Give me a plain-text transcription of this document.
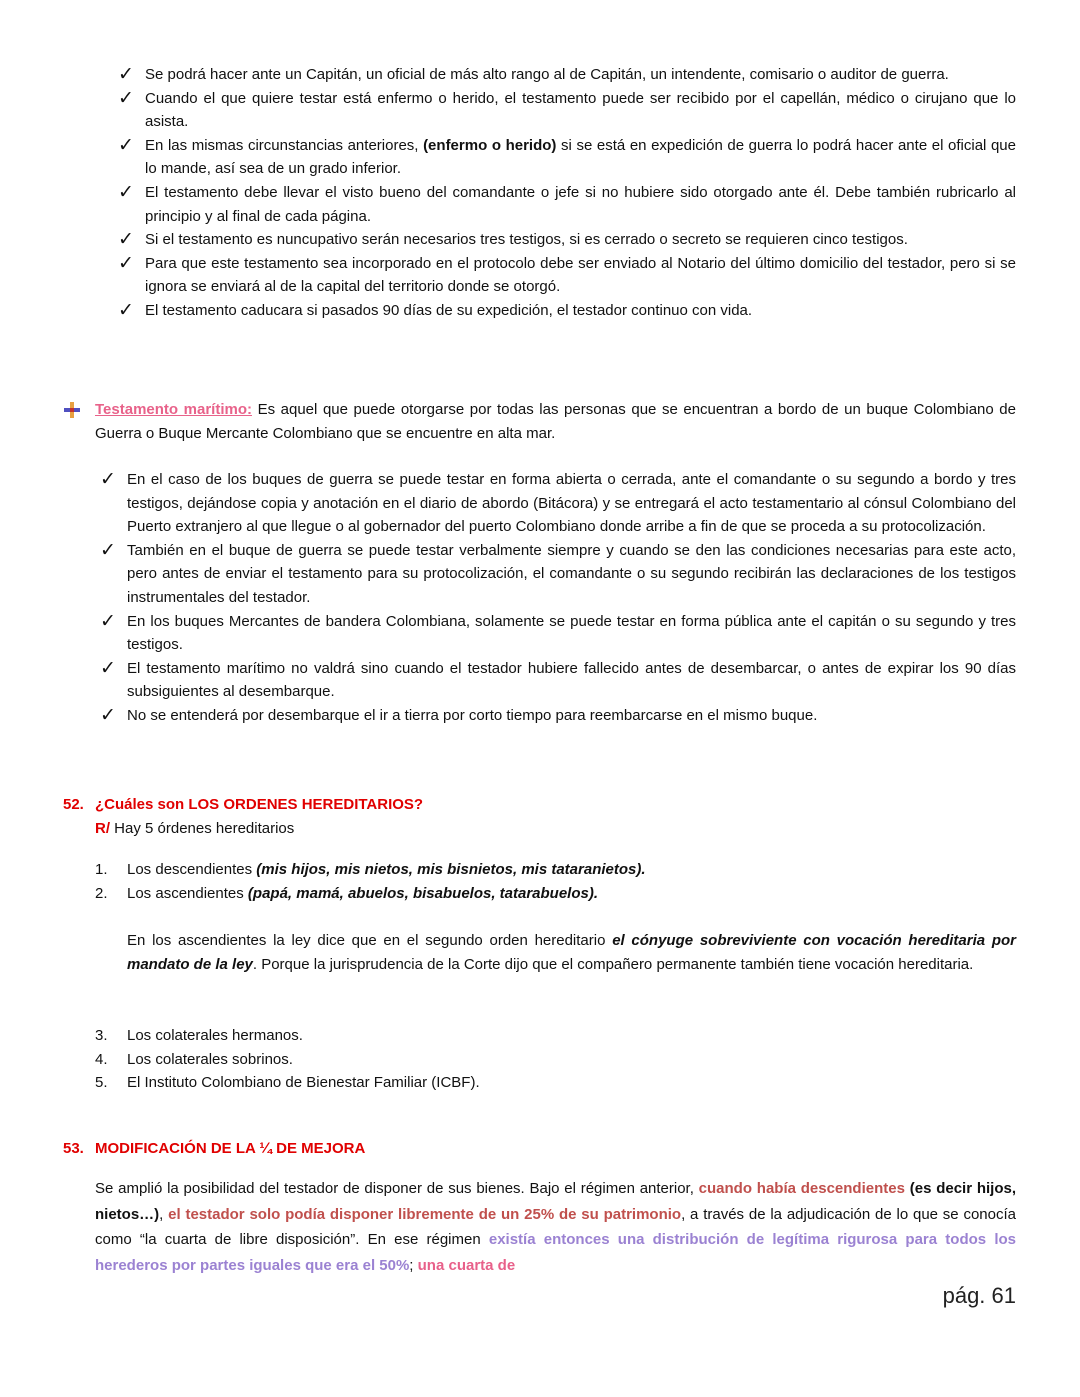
✓ Se podrá hacer ante un Capitán, un oficial de más alto rango al de Capitán, un intendente, comisario o auditor de guerra.
✓ Cuando el que quiere testar está enfermo o herido, el testamento puede ser recibido por el capellán, médico o cirujano que lo asista.
✓ En las mismas circunstancias anteriores, (enfermo o herido) si se está en expedición de guerra lo podrá hacer ante el oficial que lo mande, así sea de un grado inferior.
✓ El testamento debe llevar el visto bueno del comandante o jefe si no hubiere sido otorgado ante él. Debe también rubricarlo al principio y al final de cada página.
✓ Si el testamento es nuncupativo serán necesarios tres testigos, si es cerrado o secreto se requieren cinco testigos.
✓ Para que este testamento sea incorporado en el protocolo debe ser enviado al Notario del último domicilio del testador, pero si se ignora se enviará al de la capital del territorio donde se otorgó.
✓ El testamento caducara si pasados 90 días de su expedición, el testador continuo con vida.
Testamento marítimo: Es aquel que puede otorgarse por todas las personas que se encuentran a bordo de un buque Colombiano de Guerra o Buque Mercante Colombiano que se encuentre en alta mar.
✓ En el caso de los buques de guerra se puede testar en forma abierta o cerrada, ante el comandante o su segundo a bordo y tres testigos, dejándose copia y anotación en el diario de abordo (Bitácora) y se entregará el acto testamentario al cónsul Colombiano del Puerto extranjero al que llegue o al gobernador del puerto Colombiano donde arribe a fin de que se proceda a su protocolización.
✓ También en el buque de guerra se puede testar verbalmente siempre y cuando se den las condiciones necesarias para este acto, pero antes de enviar el testamento para su protocolización, el comandante o su segundo recibirán las declaraciones de los testigos instrumentales del testador.
✓ En los buques Mercantes de bandera Colombiana, solamente se puede testar en forma pública ante el capitán o su segundo y tres testigos.
✓ El testamento marítimo no valdrá sino cuando el testador hubiere fallecido antes de desembarcar, o antes de expirar los 90 días subsiguientes al desembarque.
✓ No se entenderá por desembarque el ir a tierra por corto tiempo para reembarcarse en el mismo buque.
52. ¿Cuáles son LOS ORDENES HEREDITARIOS?
R/ Hay 5 órdenes hereditarios
1. Los descendientes (mis hijos, mis nietos, mis bisnietos, mis tataranietos).
2. Los ascendientes (papá, mamá, abuelos, bisabuelos, tatarabuelos).
En los ascendientes la ley dice que en el segundo orden hereditario el cónyuge sobreviviente con vocación hereditaria por mandato de la ley. Porque la jurisprudencia de la Corte dijo que el compañero permanente también tiene vocación hereditaria.
3. Los colaterales hermanos.
4. Los colaterales sobrinos.
5. El Instituto Colombiano de Bienestar Familiar (ICBF).
53. MODIFICACIÓN DE LA ¼ DE MEJORA
Se amplió la posibilidad del testador de disponer de sus bienes. Bajo el régimen anterior, cuando había descendientes (es decir hijos, nietos…), el testador solo podía disponer libremente de un 25% de su patrimonio, a través de la adjudicación de lo que se conocía como “la cuarta de libre disposición”. En ese régimen existía entonces una distribución de legítima rigurosa para todos los herederos por partes iguales que era el 50%; una cuarta de
pág. 61
